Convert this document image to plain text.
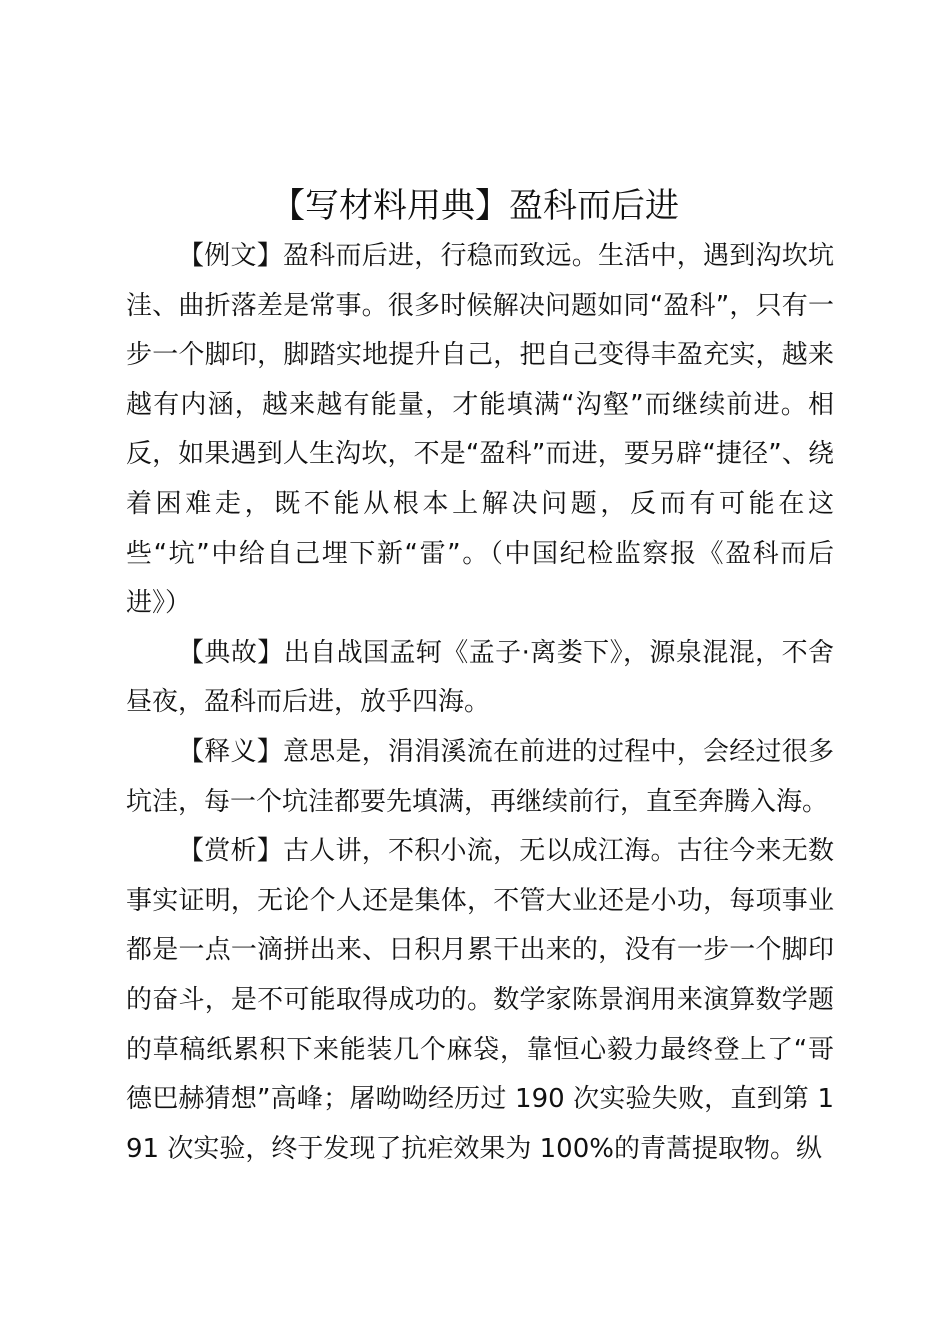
【写材料用典】盈科而后进

【例文】盈科而后进，行稳而致远。生活中，遇到沟坎坑洼、曲折落差是常事。很多时候解决问题如同“盈科”，只有一步一个脚印，脚踏实地提升自己，把自己变得丰盈充实，越来越有内涵，越来越有能量，才能填满“沟壑”而继续前进。相反，如果遇到人生沟坎，不是“盈科”而进，要另辟“捷径”、绕着困难走，既不能从根本上解决问题，反而有可能在这些“坑”中给自己埋下新“雷”。（中国纪检监察报《盈科而后进》）

【典故】出自战国孟轲《孟子·离娄下》，源泉混混，不舍昼夜，盈科而后进，放乎四海。

【释义】意思是，涓涓溪流在前进的过程中，会经过很多坑洼，每一个坑洼都要先填满，再继续前行，直至奔腾入海。

【赏析】古人讲，不积小流，无以成江海。古往今来无数事实证明，无论个人还是集体，不管大业还是小功，每项事业都是一点一滴拼出来、日积月累干出来的，没有一步一个脚印的奋斗，是不可能取得成功的。数学家陈景润用来演算数学题的草稿纸累积下来能装几个麻袋，靠恒心毅力最终登上了“哥德巴赫猜想”高峰；屠呦呦经历过 190 次实验失败，直到第 191 次实验，终于发现了抗疟效果为 100%的青蒿提取物。纵
